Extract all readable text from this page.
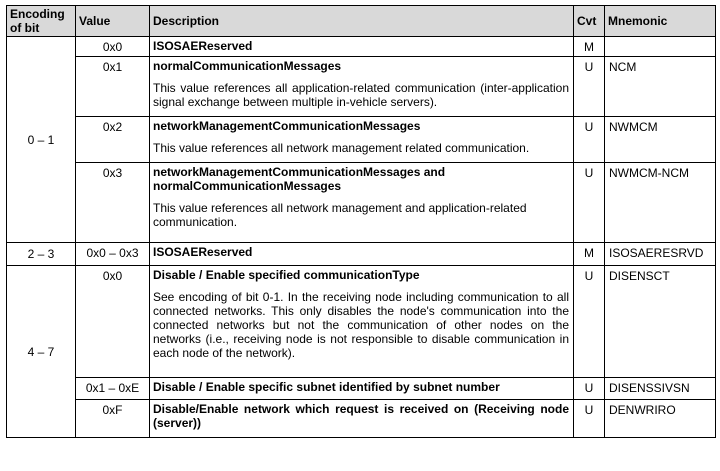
Encoding of bit	Value	Description	Cvt	Mnemonic
0 – 1	0x0	ISOSAEReserved	M	
	0x1	normalCommunicationMessages
This value references all application-related communication (inter-application signal exchange between multiple in-vehicle servers).	U	NCM
	0x2	networkManagementCommunicationMessages
This value references all network management related communication.	U	NWMCM
	0x3	networkManagementCommunicationMessages and normalCommunicationMessages
This value references all network management and application-related communication.	U	NWMCM-NCM
2 – 3	0x0 – 0x3	ISOSAEReserved	M	ISOSAERESRVD
4 – 7	0x0	Disable / Enable specified communicationType
See encoding of bit 0-1. In the receiving node including communication to all connected networks. This only disables the node's communication into the connected networks but not the communication of other nodes on the networks (i.e., receiving node is not responsible to disable communication in each node of the network).	U	DISENSCT
	0x1 – 0xE	Disable / Enable specific subnet identified by subnet number	U	DISENSSIVSN
	0xF	Disable/Enable network which request is received on (Receiving node (server))	U	DENWRIRO
